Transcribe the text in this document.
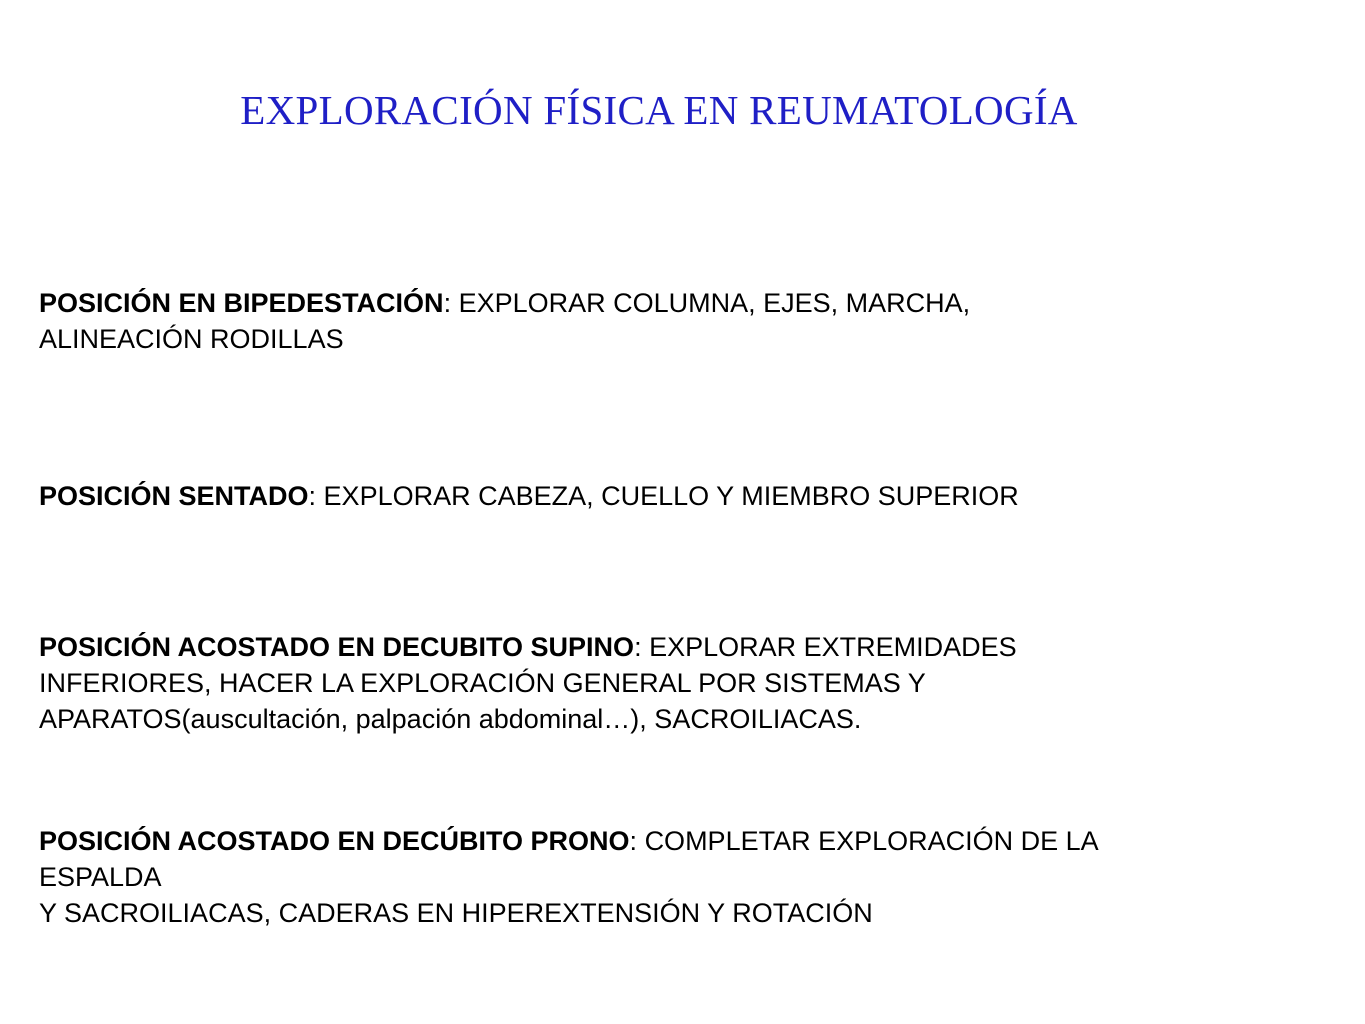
EXPLORACIÓN FÍSICA EN REUMATOLOGÍA
POSICIÓN EN BIPEDESTACIÓN: EXPLORAR COLUMNA, EJES, MARCHA,
ALINEACIÓN RODILLAS
POSICIÓN SENTADO: EXPLORAR CABEZA, CUELLO Y MIEMBRO SUPERIOR
POSICIÓN ACOSTADO EN DECUBITO SUPINO: EXPLORAR EXTREMIDADES
INFERIORES, HACER LA EXPLORACIÓN GENERAL POR SISTEMAS Y
APARATOS(auscultación, palpación abdominal…), SACROILIACAS.
POSICIÓN ACOSTADO EN DECÚBITO PRONO: COMPLETAR EXPLORACIÓN DE LA
ESPALDA
Y SACROILIACAS, CADERAS EN HIPEREXTENSIÓN Y ROTACIÓN
